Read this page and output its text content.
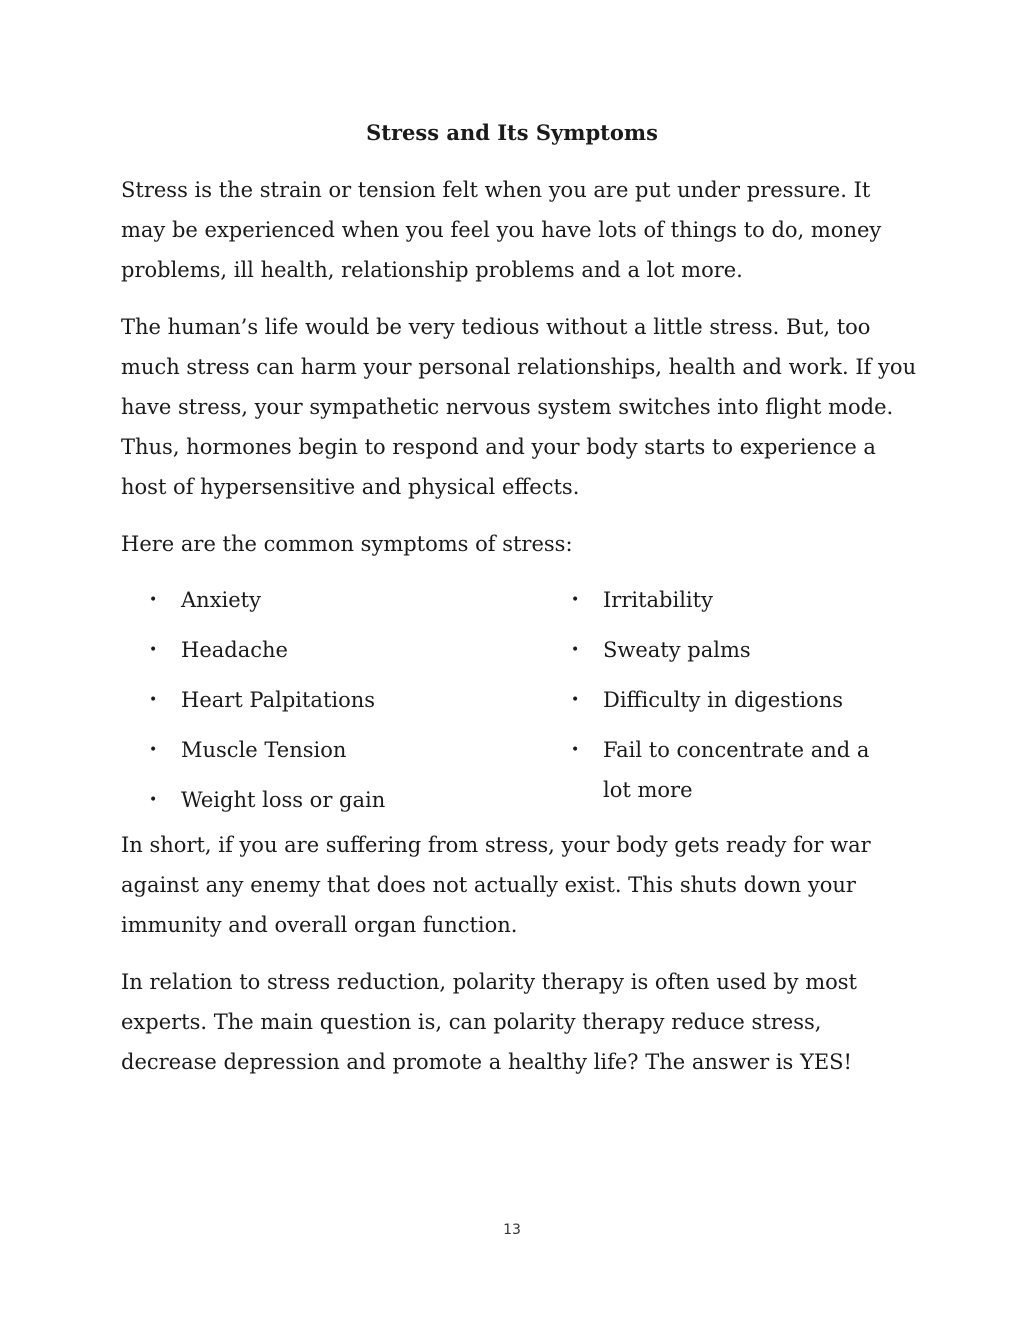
Stress and Its Symptoms

Stress is the strain or tension felt when you are put under pressure. It may be experienced when you feel you have lots of things to do, money problems, ill health, relationship problems and a lot more.

The human’s life would be very tedious without a little stress. But, too much stress can harm your personal relationships, health and work. If you have stress, your sympathetic nervous system switches into flight mode. Thus, hormones begin to respond and your body starts to experience a host of hypersensitive and physical effects.

Here are the common symptoms of stress:

• Anxiety
• Headache
• Heart Palpitations
• Muscle Tension
• Weight loss or gain
• Irritability
• Sweaty palms
• Difficulty in digestions
• Fail to concentrate and a lot more

In short, if you are suffering from stress, your body gets ready for war against any enemy that does not actually exist. This shuts down your immunity and overall organ function.

In relation to stress reduction, polarity therapy is often used by most experts. The main question is, can polarity therapy reduce stress, decrease depression and promote a healthy life? The answer is YES!

13
